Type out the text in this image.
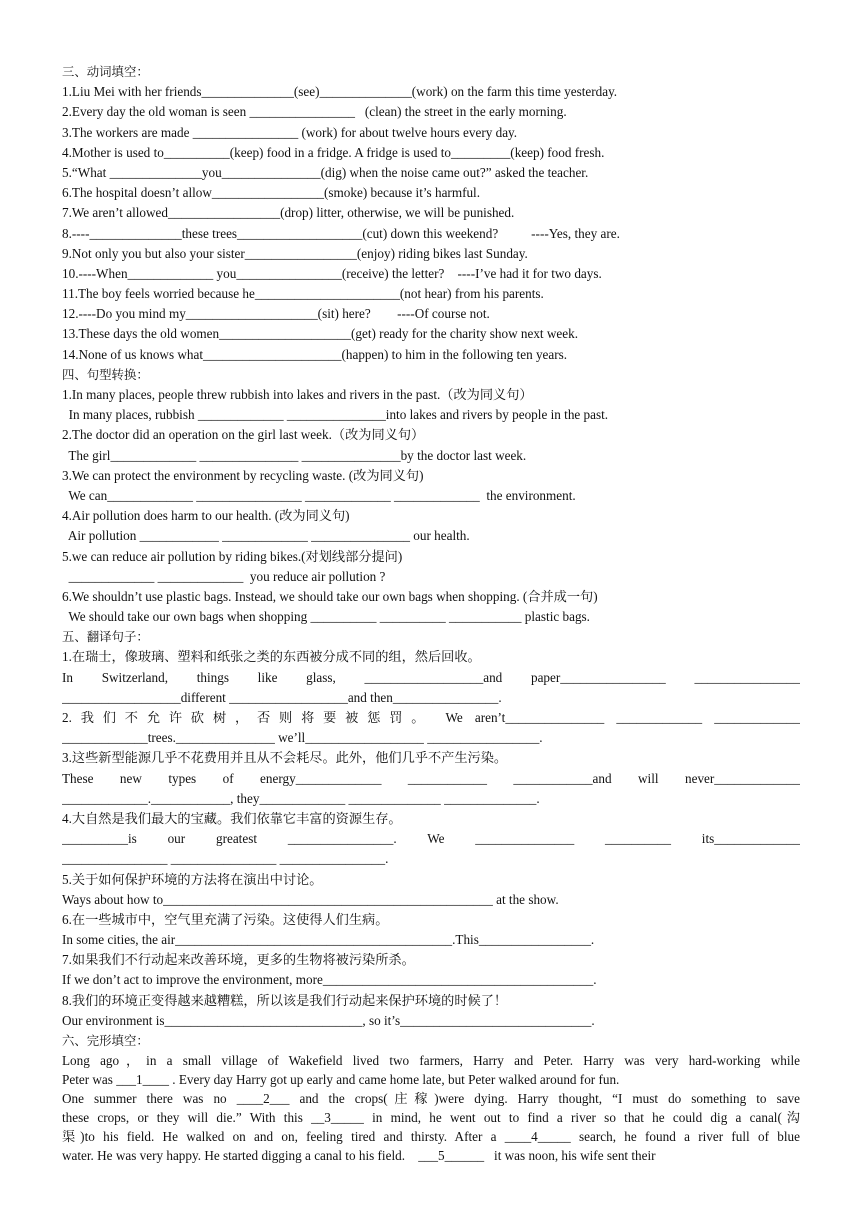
三、动词填空：
1.Liu Mei with her friends______________(see)______________(work) on the farm this time yesterday.
2.Every day the old woman is seen ________________   (clean) the street in the early morning.
3.The workers are made ________________ (work) for about twelve hours every day.
4.Mother is used to__________(keep) food in a fridge. A fridge is used to_________(keep) food fresh.
5.“What ______________you_______________(dig) when the noise came out?” asked the teacher.
6.The hospital doesn’t allow_________________(smoke) because it’s harmful.
7.We aren’t allowed_________________(drop) litter, otherwise, we will be punished.
8.----______________these trees___________________(cut) down this weekend?          ----Yes, they are.
9.Not only you but also your sister_________________(enjoy) riding bikes last Sunday.
10.----When_____________ you________________(receive) the letter?    ----I’ve had it for two days.
11.The boy feels worried because he______________________(not hear) from his parents.
12.----Do you mind my____________________(sit) here?        ----Of course not.
13.These days the old women____________________(get) ready for the charity show next week.
14.None of us knows what_____________________(happen) to him in the following ten years.
四、句型转换：
1.In many places, people threw rubbish into lakes and rivers in the past.（改为同义句）
In many places, rubbish _____________ _______________into lakes and rivers by people in the past.
2.The doctor did an operation on the girl last week.（改为同义句）
The girl_____________ _______________ _______________by the doctor last week.
3.We can protect the environment by recycling waste. (改为同义句)
We can_____________ ________________ _____________ _____________  the environment.
4.Air pollution does harm to our health. (改为同义句)
Air pollution ____________ _____________ _______________ our health.
5.we can reduce air pollution by riding bikes.(对划线部分提问)
_____________ _____________  you reduce air pollution ?
6.We shouldn’t use plastic bags. Instead, we should take our own bags when shopping. (合并成一句)
We should take our own bags when shopping __________ __________ ___________ plastic bags.
五、翻译句子：
1.在瑞士，像玻璃、塑料和纸张之类的东西被分成不同的组，然后回收。
In Switzerland, things like glass, __________________and paper________________ ________________
__________________different __________________and then________________.
2.我们不允许砍树，否则将要被惩罚。 We aren’t_______________ _____________ _____________
_____________trees._______________ we’ll__________________ _________________.
3.这些新型能源几乎不花费用并且从不会耗尽。此外，他们几乎不产生污染。
These new types of energy_____________ ____________ ____________and will never_____________
_____________.____________, they_____________ ______________ ______________.
4.大自然是我们最大的宝藏。我们依靠它丰富的资源生存。
__________is our greatest ________________. We _______________ __________ its_____________
________________ ________________ ________________.
5.关于如何保护环境的方法将在演出中讨论。
Ways about how to__________________________________________________ at the show.
6.在一些城市中，空气里充满了污染。这使得人们生病。
In some cities, the air__________________________________________.This_________________.
7.如果我们不行动起来改善环境，更多的生物将被污染所杀。
If we don’t act to improve the environment, more_________________________________________.
8.我们的环境正变得越来越糟糕，所以该是我们行动起来保护环境的时候了！
Our environment is______________________________, so it’s_____________________________.
六、完形填空：
Long ago，in a small village of Wakefield lived two farmers, Harry and Peter. Harry was very hard-working while
Peter was ___1____ . Every day Harry got up early and came home late, but Peter walked around for fun.
One summer there was no ____2___ and the crops(庄稼)were dying. Harry thought, “I must do something to save
these crops, or they will die.” With this __3_____ in mind, he went out to find a river so that he could dig a canal(沟
渠)to his field. He walked on and on, feeling tired and thirsty. After a ____4_____ search, he found a river full of blue
water. He was very happy. He started digging a canal to his field.    ___5______   it was noon, his wife sent their
